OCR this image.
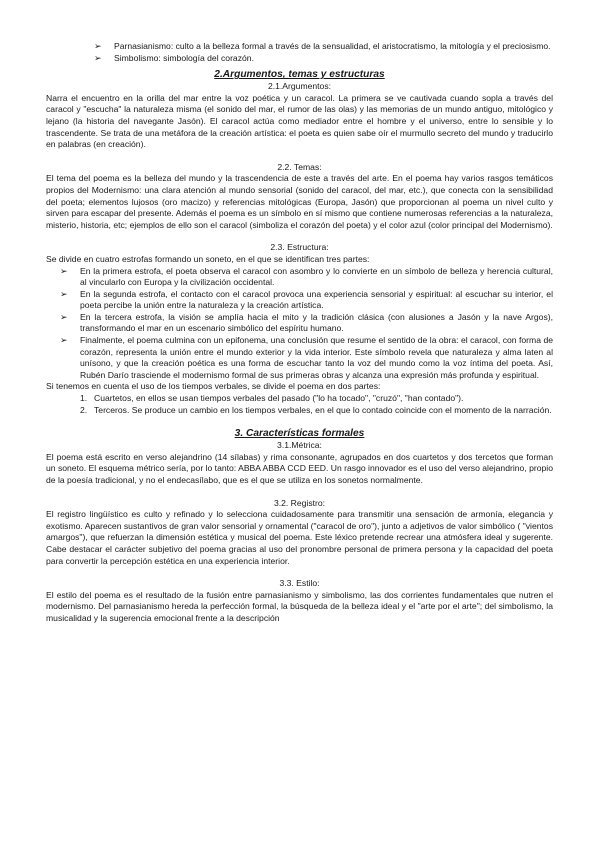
➢ Parnasianismo: culto a la belleza formal a través de la sensualidad, el aristocratismo, la mitología y el preciosismo.
➢ Simbolismo: simbología del corazón.
2.Argumentos, temas y estructuras

2.1.Argumentos:

Narra el encuentro en la orilla del mar entre la voz poética y un caracol. La primera se ve cautivada cuando sopla a través del caracol y "escucha" la naturaleza misma (el sonido del mar, el rumor de las olas) y las memorias de un mundo antiguo, mitológico y lejano (la historia del navegante Jasón). El caracol actúa como mediador entre el hombre y el universo, entre lo sensible y lo trascendente. Se trata de una metáfora de la creación artística: el poeta es quien sabe oír el murmullo secreto del mundo y traducirlo en palabras (en creación).

2.2. Temas:

El tema del poema es la belleza del mundo y la trascendencia de este a través del arte. En el poema hay varios rasgos temáticos propios del Modernismo: una clara atención al mundo sensorial (sonido del caracol, del mar, etc.), que conecta con la sensibilidad del poeta; elementos lujosos (oro macizo) y referencias mitológicas (Europa, Jasón) que proporcionan al poema un nivel culto y sirven para escapar del presente. Además el poema es un símbolo en sí mismo que contiene numerosas referencias a la naturaleza, misterio, historia, etc; ejemplos de ello son el caracol (simboliza el corazón del poeta) y el color azul (color principal del Modernismo).

2.3. Estructura:

Se divide en cuatro estrofas formando un soneto, en el que se identifican tres partes:

➢ En la primera estrofa, el poeta observa el caracol con asombro y lo convierte en un símbolo de belleza y herencia cultural, al vincularlo con Europa y la civilización occidental.
➢ En la segunda estrofa, el contacto con el caracol provoca una experiencia sensorial y espiritual: al escuchar su interior, el poeta percibe la unión entre la naturaleza y la creación artística.
➢ En la tercera estrofa, la visión se amplía hacia el mito y la tradición clásica (con alusiones a Jasón y la nave Argos), transformando el mar en un escenario simbólico del espíritu humano.
➢ Finalmente, el poema culmina con un epifonema, una conclusión que resume el sentido de la obra: el caracol, con forma de corazón, representa la unión entre el mundo exterior y la vida interior. Este símbolo revela que naturaleza y alma laten al unísono, y que la creación poética es una forma de escuchar tanto la voz del mundo como la voz íntima del poeta. Así, Rubén Darío trasciende el modernismo formal de sus primeras obras y alcanza una expresión más profunda y espiritual.

Si tenemos en cuenta el uso de los tiempos verbales, se divide el poema en dos partes:

1. Cuartetos, en ellos se usan tiempos verbales del pasado ("lo ha tocado", "cruzó", "han contado").
2. Terceros. Se produce un cambio en los tiempos verbales, en el que lo contado coincide con el momento de la narración.
3. Características formales

3.1.Métrica:

El poema está escrito en verso alejandrino (14 sílabas) y rima consonante, agrupados en dos cuartetos y dos tercetos que forman un soneto. El esquema métrico sería, por lo tanto: ABBA ABBA CCD EED. Un rasgo innovador es el uso del verso alejandrino, propio de la poesía tradicional, y no el endecasílabo, que es el que se utiliza en los sonetos normalmente.

3.2. Registro:

El registro lingüístico es culto y refinado y lo selecciona cuidadosamente para transmitir una sensación de armonía, elegancia y exotismo. Aparecen sustantivos de gran valor sensorial y ornamental ("caracol de oro"), junto a adjetivos de valor simbólico ( "vientos amargos"), que refuerzan la dimensión estética y musical del poema. Este léxico pretende recrear una atmósfera ideal y sugerente. Cabe destacar el carácter subjetivo del poema gracias al uso del pronombre personal de primera persona y la capacidad del poeta para convertir la percepción estética en una experiencia interior.

3.3. Estilo:

El estilo del poema es el resultado de la fusión entre parnasianismo y simbolismo, las dos corrientes fundamentales que nutren el modernismo. Del parnasianismo hereda la perfección formal, la búsqueda de la belleza ideal y el "arte por el arte"; del simbolismo, la musicalidad y la sugerencia emocional frente a la descripción
